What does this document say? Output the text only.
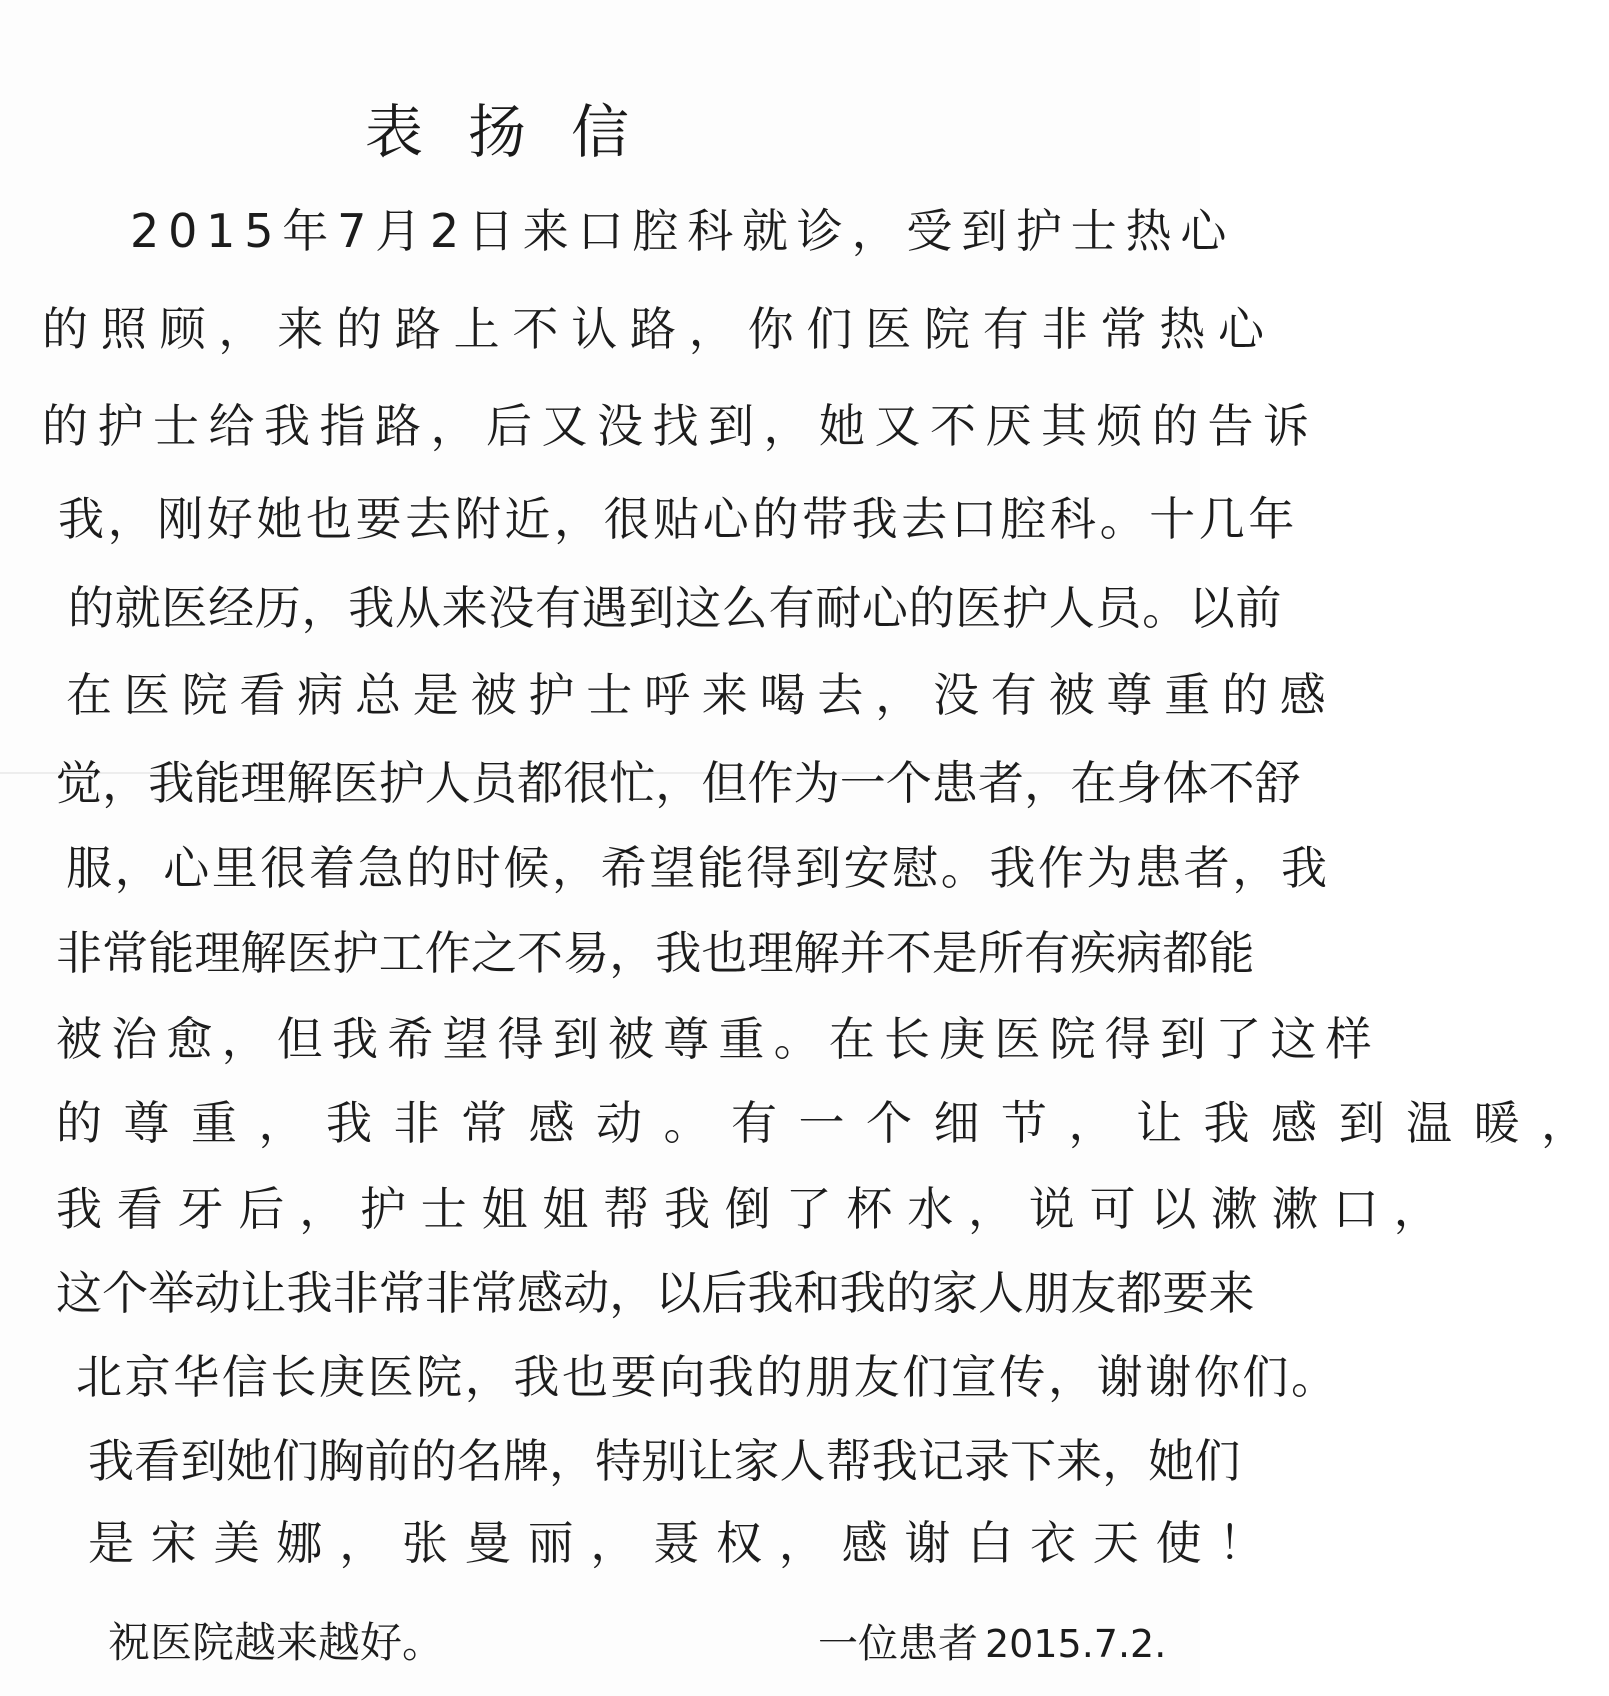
表扬信
2015年7月2日来口腔科就诊，受到护士热心
的照顾，来的路上不认路，你们医院有非常热心
的护士给我指路，后又没找到，她又不厌其烦的告诉
我，刚好她也要去附近，很贴心的带我去口腔科。十几年
的就医经历，我从来没有遇到这么有耐心的医护人员。以前
在医院看病总是被护士呼来喝去，没有被尊重的感
觉，我能理解医护人员都很忙，但作为一个患者，在身体不舒
服，心里很着急的时候，希望能得到安慰。我作为患者，我
非常能理解医护工作之不易，我也理解并不是所有疾病都能
被治愈，但我希望得到被尊重。在长庚医院得到了这样
的尊重，我非常感动。有一个细节，让我感到温暖，
我看牙后，护士姐姐帮我倒了杯水，说可以漱漱口，
这个举动让我非常非常感动，以后我和我的家人朋友都要来
北京华信长庚医院，我也要向我的朋友们宣传，谢谢你们。
我看到她们胸前的名牌，特别让家人帮我记录下来，她们
是宋美娜，张曼丽，聂权，感谢白衣天使！
祝医院越来越好。	一位患者 2015.7.2.
